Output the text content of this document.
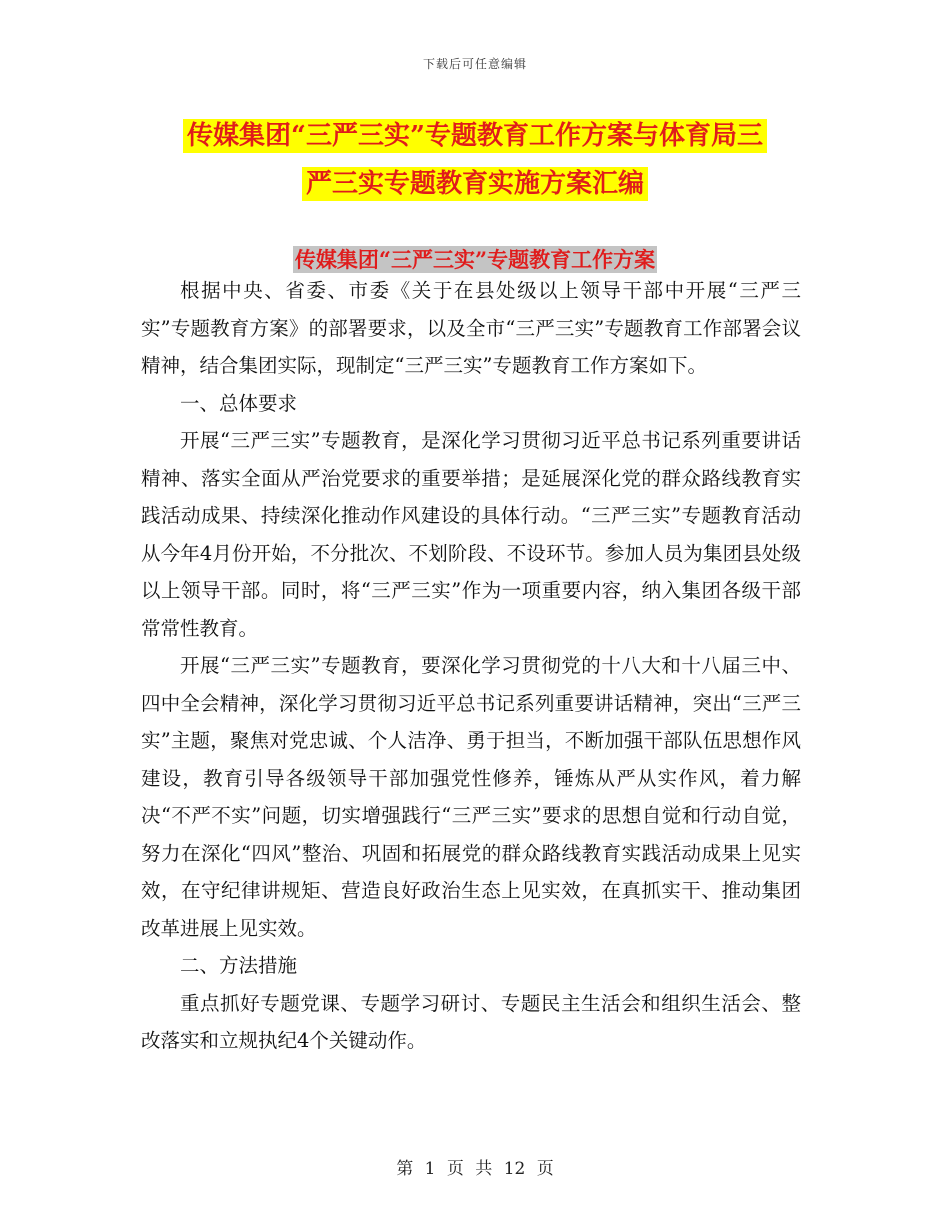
下载后可任意编辑
传媒集团“三严三实”专题教育工作方案与体育局三
严三实专题教育实施方案汇编
传媒集团“三严三实”专题教育工作方案

根据中央、省委、市委《关于在县处级以上领导干部中开展“三严三实”专题教育方案》的部署要求，以及全市“三严三实”专题教育工作部署会议精神，结合集团实际，现制定“三严三实”专题教育工作方案如下。

一、总体要求

开展“三严三实”专题教育，是深化学习贯彻习近平总书记系列重要讲话精神、落实全面从严治党要求的重要举措；是延展深化党的群众路线教育实践活动成果、持续深化推动作风建设的具体行动。“三严三实”专题教育活动从今年4月份开始，不分批次、不划阶段、不设环节。参加人员为集团县处级以上领导干部。同时，将“三严三实”作为一项重要内容，纳入集团各级干部常常性教育。

开展“三严三实”专题教育，要深化学习贯彻党的十八大和十八届三中、四中全会精神，深化学习贯彻习近平总书记系列重要讲话精神，突出“三严三实”主题，聚焦对党忠诚、个人洁净、勇于担当，不断加强干部队伍思想作风建设，教育引导各级领导干部加强党性修养，锤炼从严从实作风，着力解决“不严不实”问题，切实增强践行“三严三实”要求的思想自觉和行动自觉，努力在深化“四风”整治、巩固和拓展党的群众路线教育实践活动成果上见实效，在守纪律讲规矩、营造良好政治生态上见实效，在真抓实干、推动集团改革进展上见实效。

二、方法措施

重点抓好专题党课、专题学习研讨、专题民主生活会和组织生活会、整改落实和立规执纪4个关键动作。

第 1 页 共 12 页
